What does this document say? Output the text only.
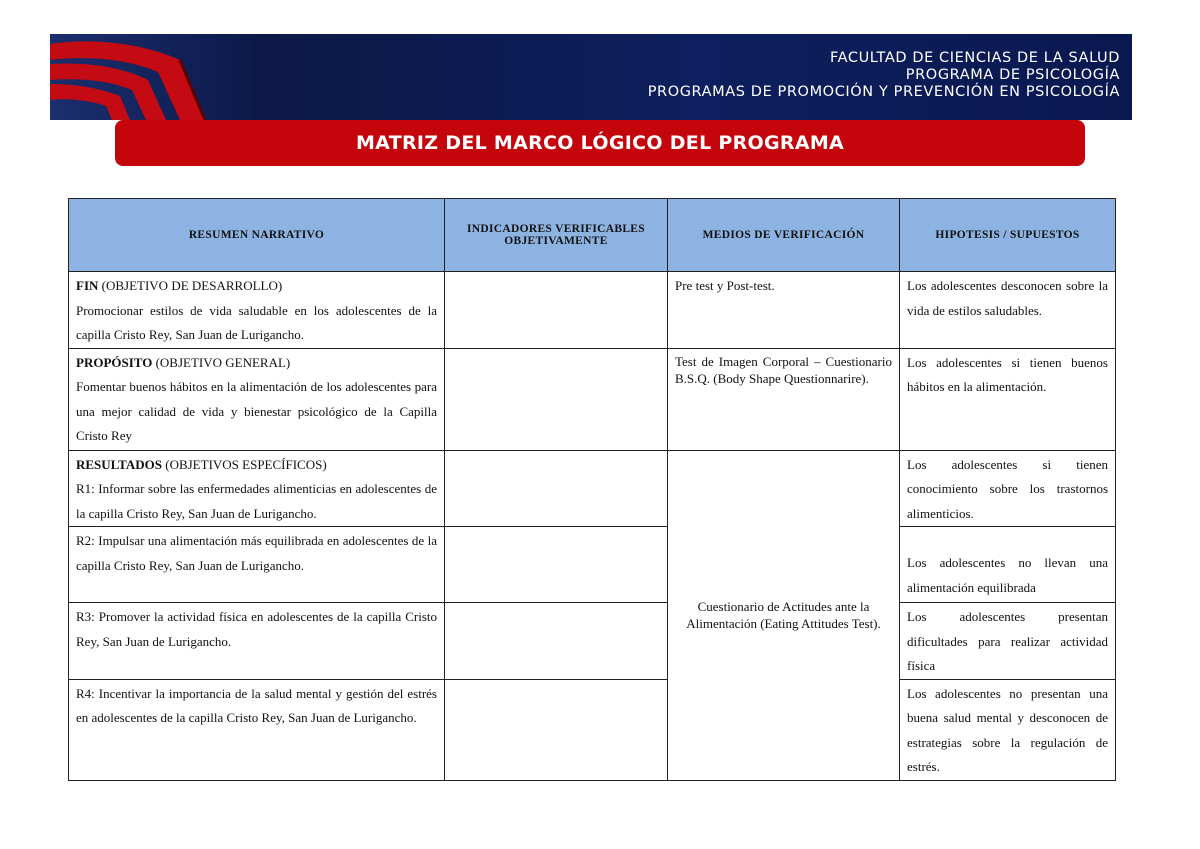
FACULTAD DE CIENCIAS DE LA SALUD
PROGRAMA DE PSICOLOGÍA
PROGRAMAS DE PROMOCIÓN Y PREVENCIÓN EN PSICOLOGÍA
MATRIZ DEL MARCO LÓGICO DEL PROGRAMA
RESUMEN NARRATIVO	INDICADORES VERIFICABLES OBJETIVAMENTE	MEDIOS DE VERIFICACIÓN	HIPOTESIS / SUPUESTOS

FIN (OBJETIVO DE DESARROLLO)
Promocionar estilos de vida saludable en los adolescentes de la capilla Cristo Rey, San Juan de Lurigancho.		Pre test y Post-test.	Los adolescentes desconocen sobre la vida de estilos saludables.

PROPÓSITO (OBJETIVO GENERAL)
Fomentar buenos hábitos en la alimentación de los adolescentes para una mejor calidad de vida y bienestar psicológico de la Capilla Cristo Rey		Test de Imagen Corporal – Cuestionario B.S.Q. (Body Shape Questionnarire).	Los adolescentes si tienen buenos hábitos en la alimentación.

RESULTADOS (OBJETIVOS ESPECÍFICOS)
R1: Informar sobre las enfermedades alimenticias en adolescentes de la capilla Cristo Rey, San Juan de Lurigancho.		Cuestionario de Actitudes ante la Alimentación (Eating Attitudes Test).	Los adolescentes si tienen conocimiento sobre los trastornos alimenticios.

R2: Impulsar una alimentación más equilibrada en adolescentes de la capilla Cristo Rey, San Juan de Lurigancho.			Los adolescentes no llevan una alimentación equilibrada

R3: Promover la actividad física en adolescentes de la capilla Cristo Rey, San Juan de Lurigancho.			Los adolescentes presentan dificultades para realizar actividad física

R4: Incentivar la importancia de la salud mental y gestión del estrés en adolescentes de la capilla Cristo Rey, San Juan de Lurigancho.			Los adolescentes no presentan una buena salud mental y desconocen de estrategias sobre la regulación de estrés.
